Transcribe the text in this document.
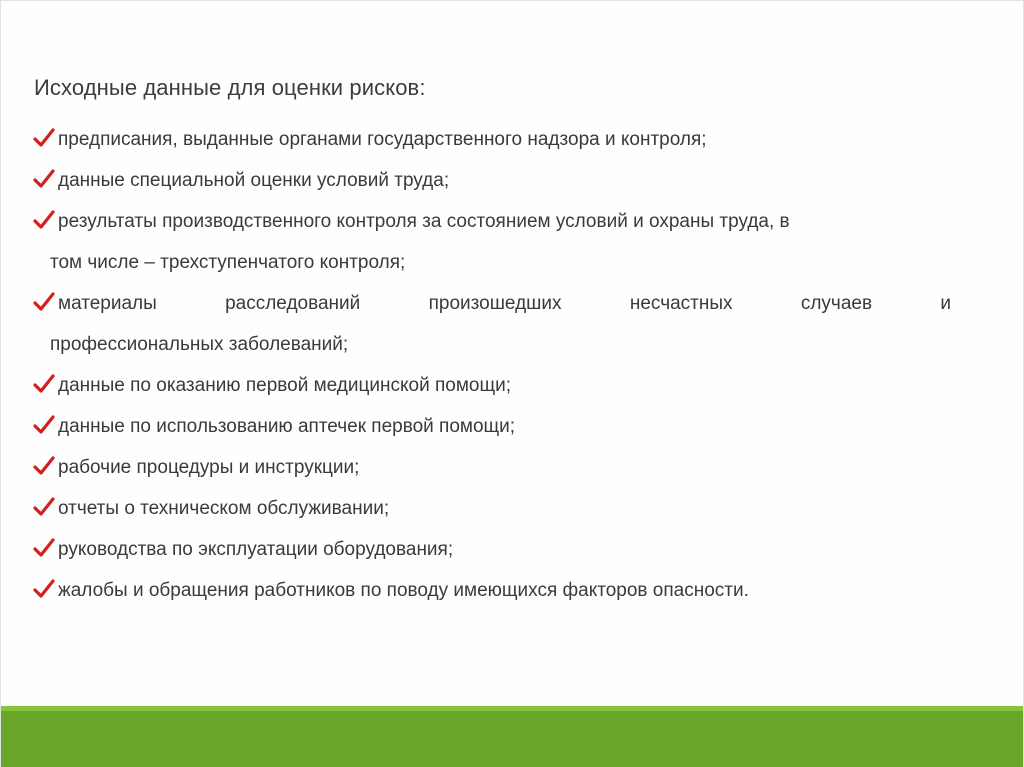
Исходные данные для оценки рисков:
предписания, выданные органами государственного надзора и контроля;
данные специальной оценки условий труда;
результаты производственного контроля за состоянием условий и охраны труда, в
том числе – трехступенчатого контроля;
материалы	расследований	произошедших	несчастных	случаев	и
профессиональных заболеваний;
данные по оказанию первой медицинской помощи;
данные по использованию аптечек первой помощи;
рабочие процедуры и инструкции;
отчеты о техническом обслуживании;
руководства по эксплуатации оборудования;
жалобы и обращения работников по поводу имеющихся факторов опасности.
